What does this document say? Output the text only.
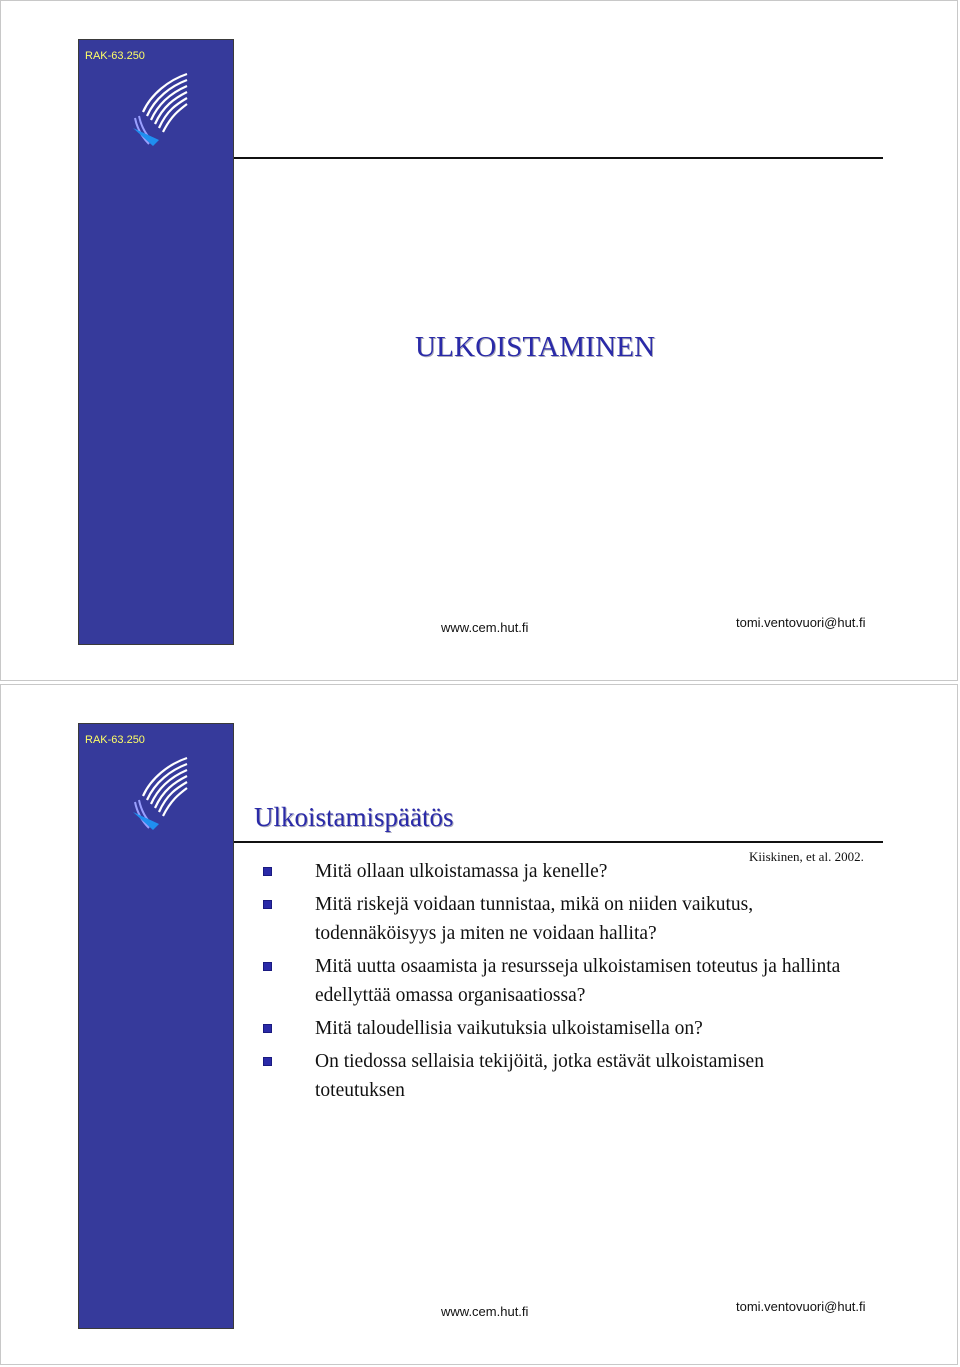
RAK-63.250
ULKOISTAMINEN
www.cem.hut.fi	tomi.ventovuori@hut.fi
RAK-63.250
Ulkoistamispäätös
Kiiskinen, et al. 2002.
Mitä ollaan ulkoistamassa ja kenelle?
Mitä riskejä voidaan tunnistaa, mikä on niiden vaikutus, todennäköisyys ja miten ne voidaan hallita?
Mitä uutta osaamista ja resursseja ulkoistamisen toteutus ja hallinta edellyttää omassa organisaatiossa?
Mitä taloudellisia vaikutuksia ulkoistamisella on?
On tiedossa sellaisia tekijöitä, jotka estävät ulkoistamisen toteutuksen
www.cem.hut.fi	tomi.ventovuori@hut.fi
